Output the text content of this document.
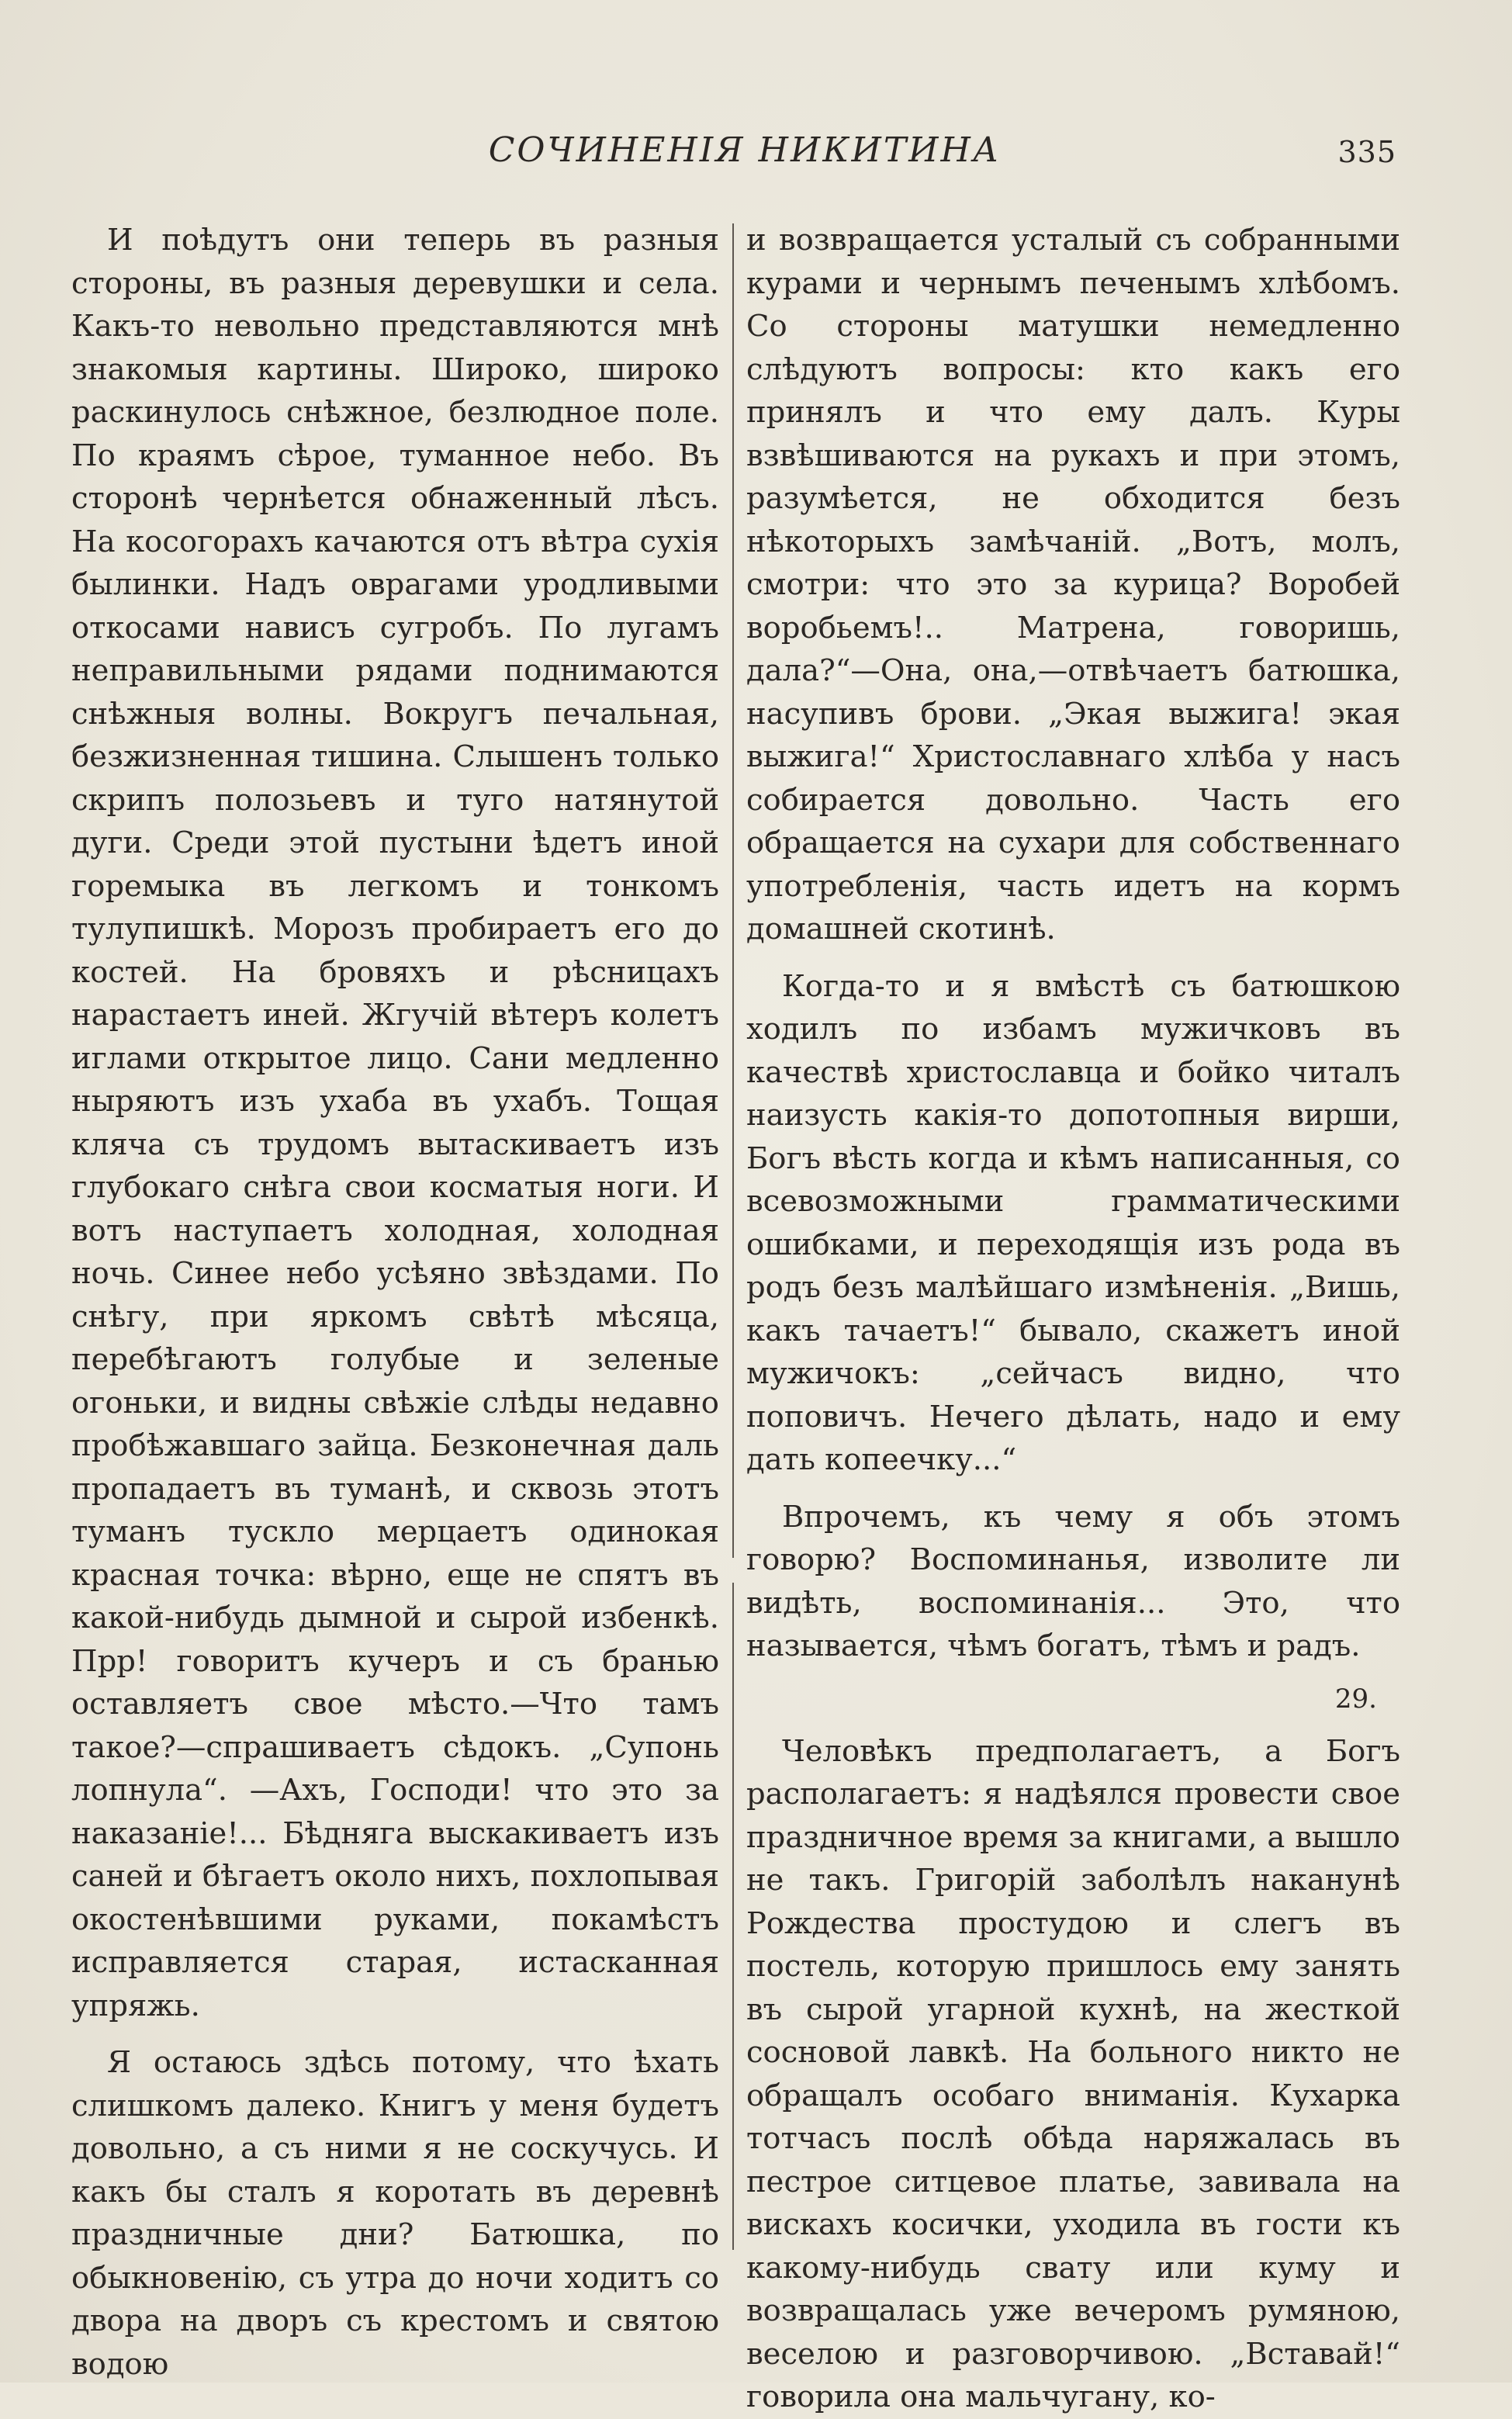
СОЧИНЕНІЯ НИКИТИНА	335

И поѣдутъ они теперь въ разныя стороны, въ разныя деревушки и села. Какъ-то невольно представляются мнѣ знакомыя картины. Широко, широко раскинулось снѣжное, безлюдное поле. По краямъ сѣрое, туманное небо. Въ сторонѣ чернѣется обнаженный лѣсъ. На косогорахъ качаются отъ вѣтра сухія былинки. Надъ оврагами уродливыми откосами нависъ сугробъ. По лугамъ неправильными рядами поднимаются снѣжныя волны. Вокругъ печальная, безжизненная тишина. Слышенъ только скрипъ полозьевъ и туго натянутой дуги. Среди этой пустыни ѣдетъ иной горемыка въ легкомъ и тонкомъ тулупишкѣ. Морозъ пробираетъ его до костей. На бровяхъ и рѣсницахъ нарастаетъ иней. Жгучій вѣтеръ колетъ иглами открытое лицо. Сани медленно ныряютъ изъ ухаба въ ухабъ. Тощая кляча съ трудомъ вытаскиваетъ изъ глубокаго снѣга свои косматыя ноги. И вотъ наступаетъ холодная, холодная ночь. Синее небо усѣяно звѣздами. По снѣгу, при яркомъ свѣтѣ мѣсяца, перебѣгаютъ голубые и зеленые огоньки, и видны свѣжіе слѣды недавно пробѣжавшаго зайца. Безконечная даль пропадаетъ въ туманѣ, и сквозь этотъ туманъ тускло мерцаетъ одинокая красная точка: вѣрно, еще не спятъ въ какой-нибудь дымной и сырой избенкѣ. Прр! говоритъ кучеръ и съ бранью оставляетъ свое мѣсто.—Что тамъ такое?—спрашиваетъ сѣдокъ. „Супонь лопнула“. —Ахъ, Господи! что это за наказаніе!... Бѣдняга выскакиваетъ изъ саней и бѣгаетъ около нихъ, похлопывая окостенѣвшими руками, покамѣстъ исправляется старая, истасканная упряжь.

Я остаюсь здѣсь потому, что ѣхать слишкомъ далеко. Книгъ у меня будетъ довольно, а съ ними я не соскучусь. И какъ бы сталъ я коротать въ деревнѣ праздничные дни? Батюшка, по обыкновенію, съ утра до ночи ходитъ со двора на дворъ съ крестомъ и святою водою

и возвращается усталый съ собранными курами и чернымъ печенымъ хлѣбомъ. Со стороны матушки немедленно слѣдуютъ вопросы: кто какъ его принялъ и что ему далъ. Куры взвѣшиваются на рукахъ и при этомъ, разумѣется, не обходится безъ нѣкоторыхъ замѣчаній. „Вотъ, молъ, смотри: что это за курица? Воробей воробьемъ!.. Матрена, говоришь, дала?“—Она, она,—отвѣчаетъ батюшка, насупивъ брови. „Экая выжига! экая выжига!“ Христославнаго хлѣба у насъ собирается довольно. Часть его обращается на сухари для собственнаго употребленія, часть идетъ на кормъ домашней скотинѣ.

Когда-то и я вмѣстѣ съ батюшкою ходилъ по избамъ мужичковъ въ качествѣ христославца и бойко читалъ наизусть какія-то допотопныя вирши, Богъ вѣсть когда и кѣмъ написанныя, со всевозможными грамматическими ошибками, и переходящія изъ рода въ родъ безъ малѣйшаго измѣненія. „Вишь, какъ тачаетъ!“ бывало, скажетъ иной мужичокъ: „сейчасъ видно, что поповичъ. Нечего дѣлать, надо и ему дать копеечку...“

Впрочемъ, къ чему я объ этомъ говорю? Воспоминанья, изволите ли видѣть, воспоминанія... Это, что называется, чѣмъ богатъ, тѣмъ и радъ.

29.

Человѣкъ предполагаетъ, а Богъ располагаетъ: я надѣялся провести свое праздничное время за книгами, а вышло не такъ. Григорій заболѣлъ наканунѣ Рождества простудою и слегъ въ постель, которую пришлось ему занять въ сырой угарной кухнѣ, на жесткой сосновой лавкѣ. На больного никто не обращалъ особаго вниманія. Кухарка тотчасъ послѣ обѣда наряжалась въ пестрое ситцевое платье, завивала на вискахъ косички, уходила въ гости къ какому-нибудь свату или куму и возвращалась уже вечеромъ румяною, веселою и разговорчивою. „Вставай!“ говорила она мальчугану, ко-
